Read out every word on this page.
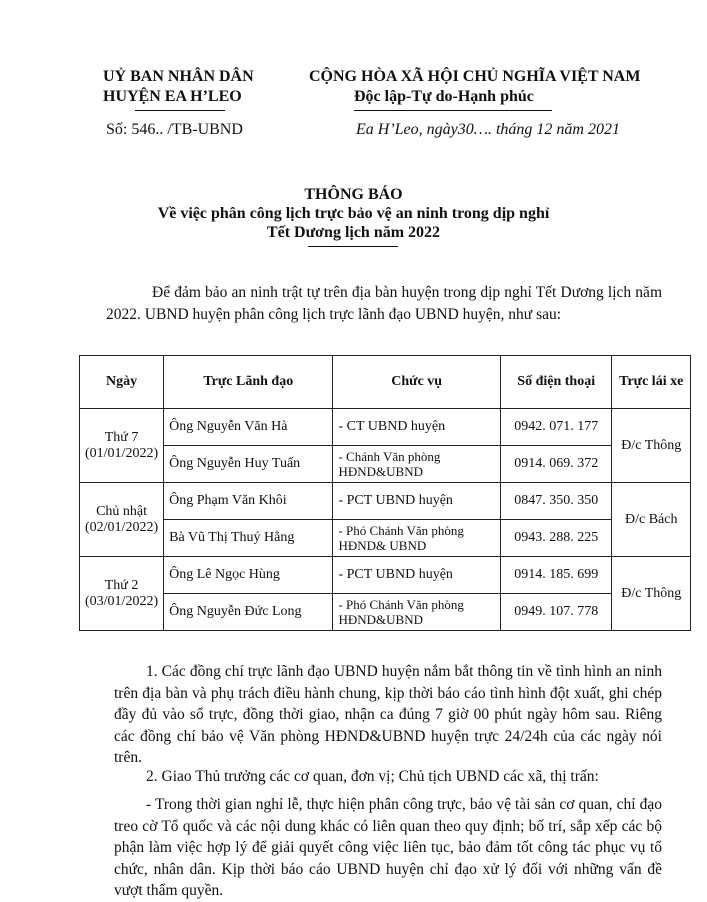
UỶ BAN NHÂN DÂN
HUYỆN EA H’LEO
CỘNG HÒA XÃ HỘI CHỦ NGHĨA VIỆT NAM
Độc lập-Tự do-Hạnh phúc
Số: 546.. /TB-UBND	Ea H’Leo, ngày30…. tháng 12 năm 2021
THÔNG BÁO
Về việc phân công lịch trực bảo vệ an ninh trong dịp nghỉ
Tết Dương lịch năm 2022
Để đảm bảo an ninh trật tự trên địa bàn huyện trong dịp nghỉ Tết Dương lịch năm 2022. UBND huyện phân công lịch trực lãnh đạo UBND huyện, như sau:
Ngày	Trực Lãnh đạo	Chức vụ	Số điện thoại	Trực lái xe

Thứ 7
(01/01/2022)	Ông Nguyễn Văn Hà	- CT UBND huyện	0942. 071. 177	Đ/c Thông
	Ông Nguyễn Huy Tuấn	- Chánh Văn phòng HĐND&UBND	0914. 069. 372	

Chủ nhật
(02/01/2022)	Ông Phạm Văn Khôi	- PCT UBND huyện	0847. 350. 350	Đ/c Bách
	Bà Vũ Thị Thuý Hằng	- Phó Chánh Văn phòng HĐND& UBND	0943. 288. 225	

Thứ 2
(03/01/2022)	Ông Lê Ngọc Hùng	- PCT UBND huyện	0914. 185. 699	Đ/c Thông
	Ông Nguyễn Đức Long	- Phó Chánh Văn phòng HĐND&UBND	0949. 107. 778	
1. Các đồng chí trực lãnh đạo UBND huyện nắm bắt thông tin về tình hình an ninh trên địa bàn và phụ trách điều hành chung, kịp thời báo cáo tình hình đột xuất, ghi chép đầy đủ vào sổ trực, đồng thời giao, nhận ca đúng 7 giờ 00 phút ngày hôm sau. Riêng các đồng chí bảo vệ Văn phòng HĐND&UBND huyện trực 24/24h của các ngày nói trên.
2. Giao Thủ trưởng các cơ quan, đơn vị; Chủ tịch UBND các xã, thị trấn:
- Trong thời gian nghỉ lễ, thực hiện phân công trực, bảo vệ tài sản cơ quan, chỉ đạo treo cờ Tổ quốc và các nội dung khác có liên quan theo quy định; bố trí, sắp xếp các bộ phận làm việc hợp lý để giải quyết công việc liên tục, bảo đảm tốt công tác phục vụ tổ chức, nhân dân. Kịp thời báo cáo UBND huyện chỉ đạo xử lý đối với những vấn đề vượt thẩm quyền.
